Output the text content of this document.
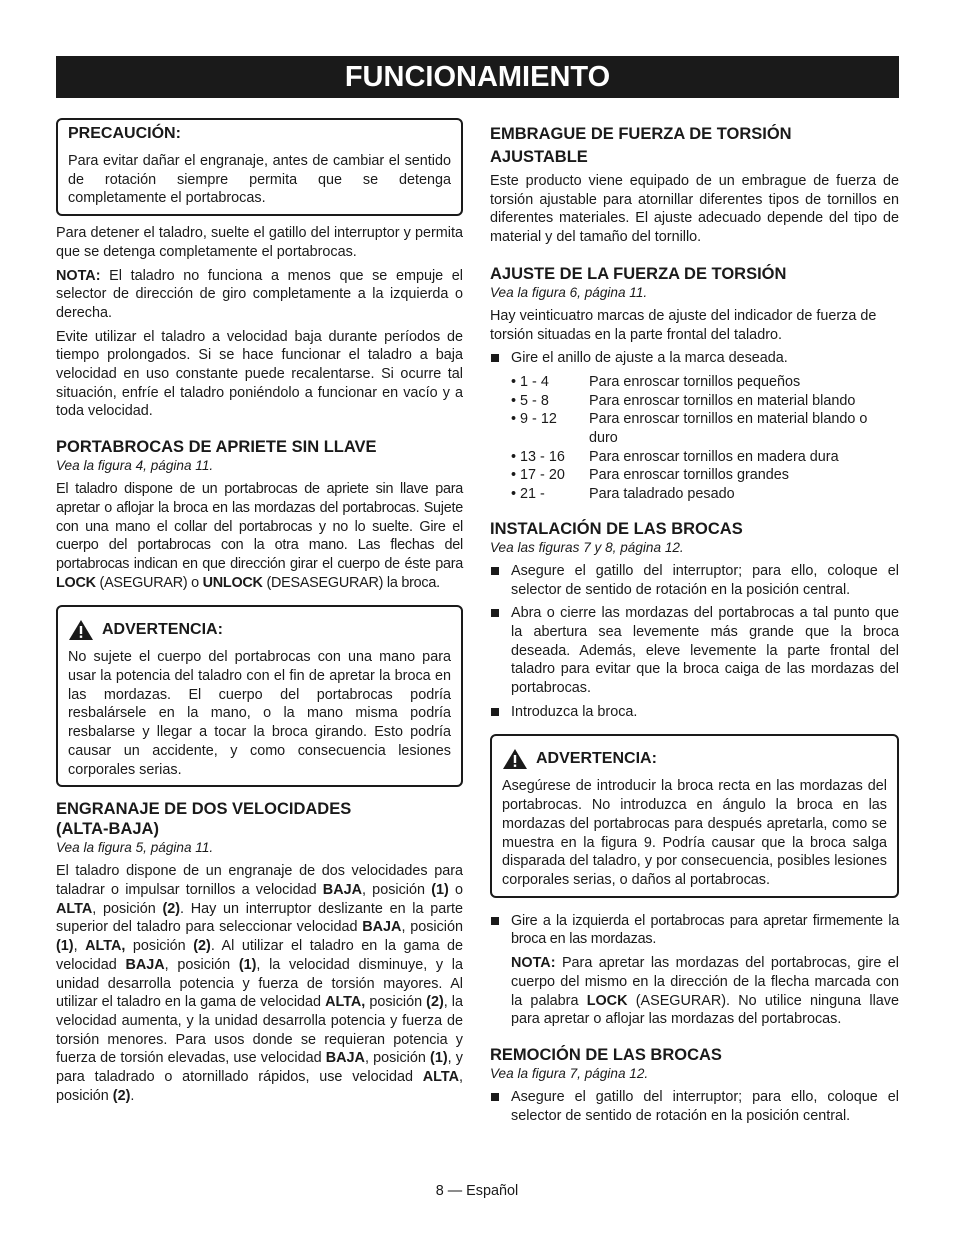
FUNCIONAMIENTO
PRECAUCIÓN:

Para evitar dañar el engranaje, antes de cambiar el sentido de rotación siempre permita que se detenga completamente el portabrocas.

Para detener el taladro, suelte el gatillo del interruptor y permita que se detenga completamente el portabrocas.

NOTA: El taladro no funciona a menos que se empuje el selector de dirección de giro completamente a la izquierda o derecha.

Evite utilizar el taladro a velocidad baja durante períodos de tiempo prolongados. Si se hace funcionar el taladro a baja velocidad en uso constante puede recalentarse. Si ocurre tal situación, enfríe el taladro poniéndolo a funcionar en vacío y a toda velocidad.

PORTABROCAS DE APRIETE SIN LLAVE
Vea la figura 4, página 11.

El taladro dispone de un portabrocas de apriete sin llave para apretar o aflojar la broca en las mordazas del portabrocas. Sujete con una mano el collar del portabrocas y no lo suelte. Gire el cuerpo del portabrocas con la otra mano. Las flechas del portabrocas indican en que dirección girar el cuerpo de éste para LOCK (ASEGURAR) o UNLOCK (DESASEGURAR) la broca.

ADVERTENCIA:

No sujete el cuerpo del portabrocas con una mano para usar la potencia del taladro con el fin de apretar la broca en las mordazas. El cuerpo del portabrocas podría resbalársele en la mano, o la mano misma podría resbalarse y llegar a tocar la broca girando. Esto podría causar un accidente, y como consecuencia lesiones corporales serias.

ENGRANAJE DE DOS VELOCIDADES
(ALTA-BAJA)
Vea la figura 5, página 11.

El taladro dispone de un engranaje de dos velocidades para taladrar o impulsar tornillos a velocidad BAJA, posición (1) o ALTA, posición (2). Hay un interruptor deslizante en la parte superior del taladro para seleccionar velocidad BAJA, posición (1), ALTA, posición (2). Al utilizar el taladro en la gama de velocidad BAJA, posición (1), la velocidad disminuye, y la unidad desarrolla potencia y fuerza de torsión mayores. Al utilizar el taladro en la gama de velocidad ALTA, posición (2), la velocidad aumenta, y la unidad desarrolla potencia y fuerza de torsión menores. Para usos donde se requieran potencia y fuerza de torsión elevadas, use velocidad BAJA, posición (1), y para taladrado o atornillado rápidos, use velocidad ALTA, posición (2).

EMBRAGUE DE FUERZA DE TORSIÓN
AJUSTABLE

Este producto viene equipado de un embrague de fuerza de torsión ajustable para atornillar diferentes tipos de tornillos en diferentes materiales. El ajuste adecuado depende del tipo de material y del tamaño del tornillo.

AJUSTE DE LA FUERZA DE TORSIÓN
Vea la figura 6, página 11.

Hay veinticuatro marcas de ajuste del indicador de fuerza de torsión situadas en la parte frontal del taladro.

Gire el anillo de ajuste a la marca deseada.
• 1 - 4	Para enroscar tornillos pequeños
• 5 - 8	Para enroscar tornillos en material blando
• 9 - 12	Para enroscar tornillos en material blando o duro
• 13 - 16	Para enroscar tornillos en madera dura
• 17 - 20	Para enroscar tornillos grandes
• 21 -	Para taladrado pesado
INSTALACIÓN DE LAS BROCAS
Vea las figuras 7 y 8, página 12.
Asegure el gatillo del interruptor; para ello, coloque el selector de sentido de rotación en la posición central.
Abra o cierre las mordazas del portabrocas a tal punto que la abertura sea levemente más grande que la broca deseada. Además, eleve levemente la parte frontal del taladro para evitar que la broca caiga de las mordazas del portabrocas.
Introduzca la broca.
ADVERTENCIA:

Asegúrese de introducir la broca recta en las mordazas del portabrocas. No introduzca en ángulo la broca en las mordazas del portabrocas para después apretarla, como se muestra en la figura 9. Podría causar que la broca salga disparada del taladro, y por consecuencia, posibles lesiones corporales serias, o daños al portabrocas.

Gire a la izquierda el portabrocas para apretar firmemente la broca en las mordazas.

NOTA: Para apretar las mordazas del portabrocas, gire el cuerpo del mismo en la dirección de la flecha marcada con la palabra LOCK (ASEGURAR). No utilice ninguna llave para apretar o aflojar las mordazas del portabrocas.

REMOCIÓN DE LAS BROCAS
Vea la figura 7, página 12.
Asegure el gatillo del interruptor; para ello, coloque el selector de sentido de rotación en la posición central.
8 — Español
